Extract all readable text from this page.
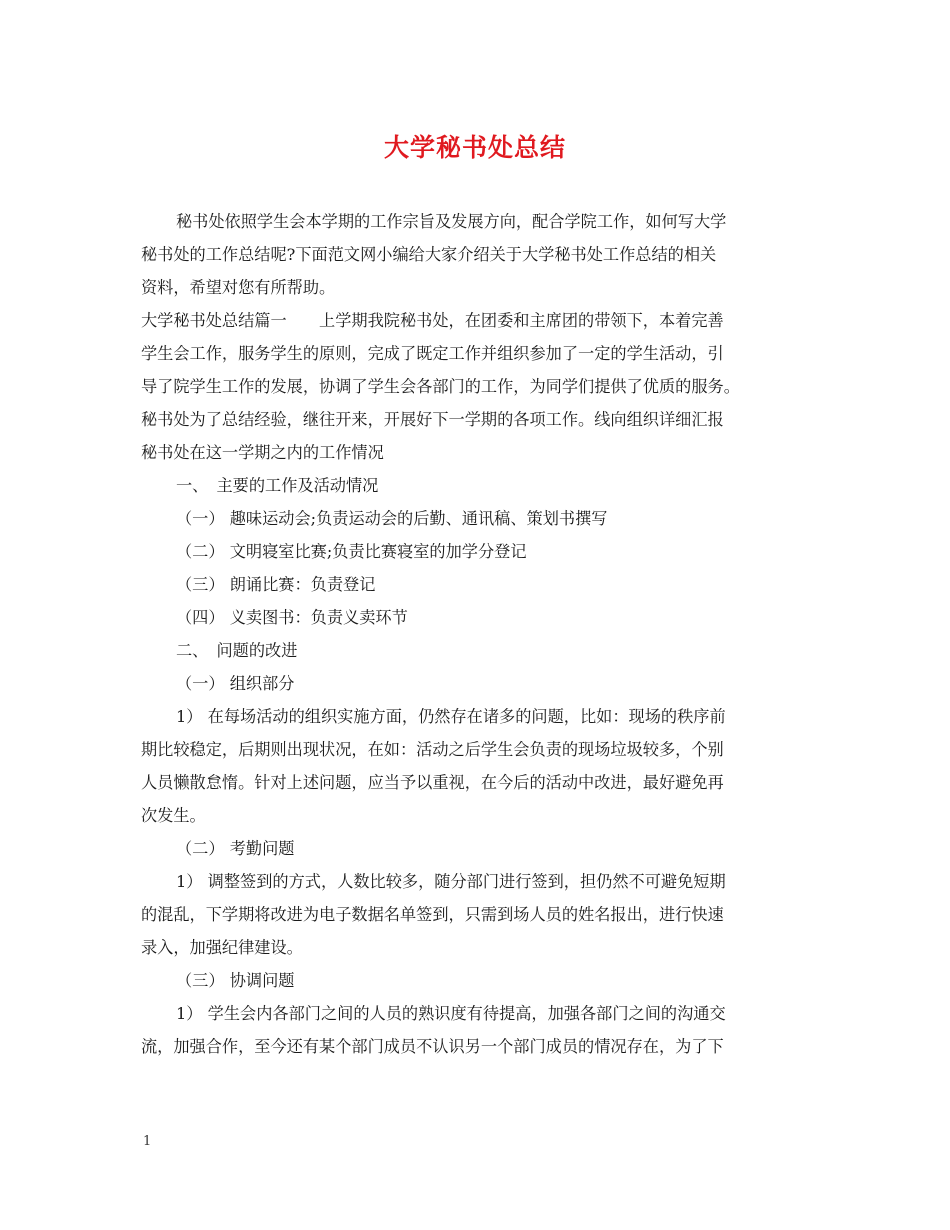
大学秘书处总结
秘书处依照学生会本学期的工作宗旨及发展方向，配合学院工作，如何写大学
秘书处的工作总结呢?下面范文网小编给大家介绍关于大学秘书处工作总结的相关
资料，希望对您有所帮助。
大学秘书处总结篇一　　上学期我院秘书处，在团委和主席团的带领下，本着完善
学生会工作，服务学生的原则，完成了既定工作并组织参加了一定的学生活动，引
导了院学生工作的发展，协调了学生会各部门的工作，为同学们提供了优质的服务。
秘书处为了总结经验，继往开来，开展好下一学期的各项工作。线向组织详细汇报
秘书处在这一学期之内的工作情况
一、　主要的工作及活动情况
（一） 趣味运动会;负责运动会的后勤、通讯稿、策划书撰写
（二） 文明寝室比赛;负责比赛寝室的加学分登记
（三） 朗诵比赛：负责登记
（四） 义卖图书：负责义卖环节
二、　问题的改进
（一） 组织部分
1） 在每场活动的组织实施方面，仍然存在诸多的问题，比如：现场的秩序前
期比较稳定，后期则出现状况，在如：活动之后学生会负责的现场垃圾较多，个别
人员懒散怠惰。针对上述问题，应当予以重视，在今后的活动中改进，最好避免再
次发生。
（二） 考勤问题
1） 调整签到的方式，人数比较多，随分部门进行签到，担仍然不可避免短期
的混乱，下学期将改进为电子数据名单签到，只需到场人员的姓名报出，进行快速
录入，加强纪律建设。
（三） 协调问题
1） 学生会内各部门之间的人员的熟识度有待提高，加强各部门之间的沟通交
流，加强合作，至今还有某个部门成员不认识另一个部门成员的情况存在，为了下
1
